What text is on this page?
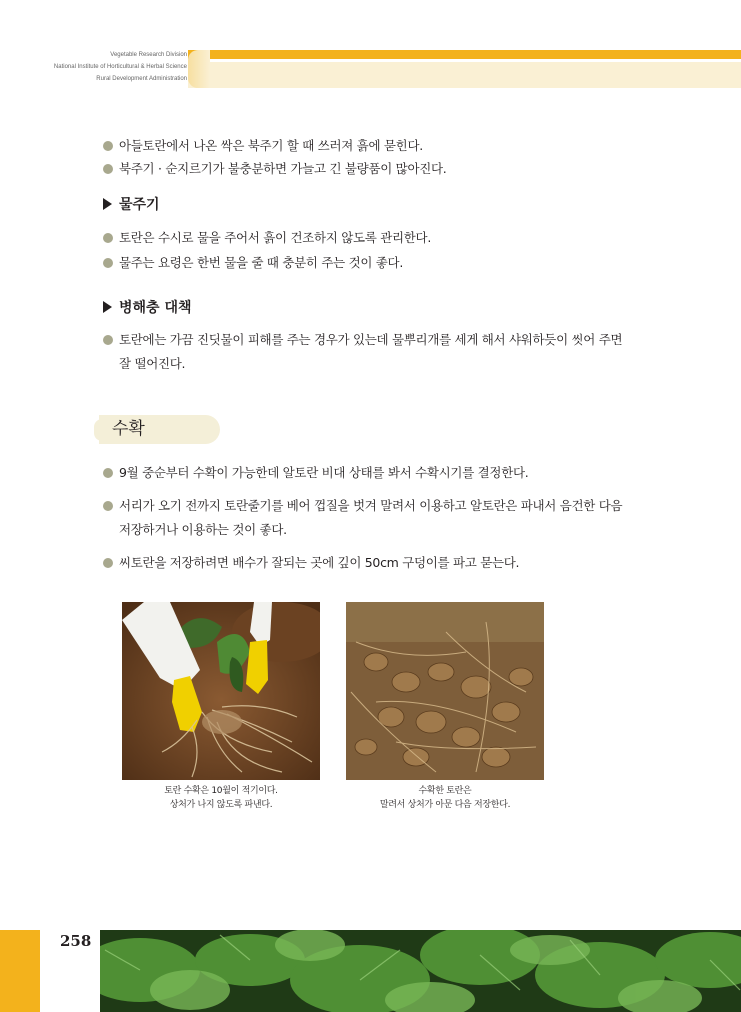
Vegetable Research Division
National Institute of Horticultural & Herbal Science
Rural Development Administration
아들토란에서 나온 싹은 북주기 할 때 쓰러져 흙에 묻힌다.
북주기 · 순지르기가 불충분하면 가늘고 긴 불량품이 많아진다.
물주기
토란은 수시로 물을 주어서 흙이 건조하지 않도록 관리한다.
물주는 요령은 한번 물을 줄 때 충분히 주는 것이 좋다.
병해충 대책
토란에는 가끔 진딧물이 피해를 주는 경우가 있는데 물뿌리개를 세게 해서 샤워하듯이 씻어 주면 잘 떨어진다.
수확
9월 중순부터 수확이 가능한데 알토란 비대 상태를 봐서 수확시기를 결정한다.
서리가 오기 전까지 토란줄기를 베어 껍질을 벗겨 말려서 이용하고 알토란은 파내서 음건한 다음 저장하거나 이용하는 것이 좋다.
씨토란을 저장하려면 배수가 잘되는 곳에 깊이 50cm 구덩이를 파고 묻는다.
토란 수확은 10월이 적기이다.
상처가 나지 않도록 파낸다.
수확한 토란은
말려서 상처가 아문 다음 저장한다.
258
